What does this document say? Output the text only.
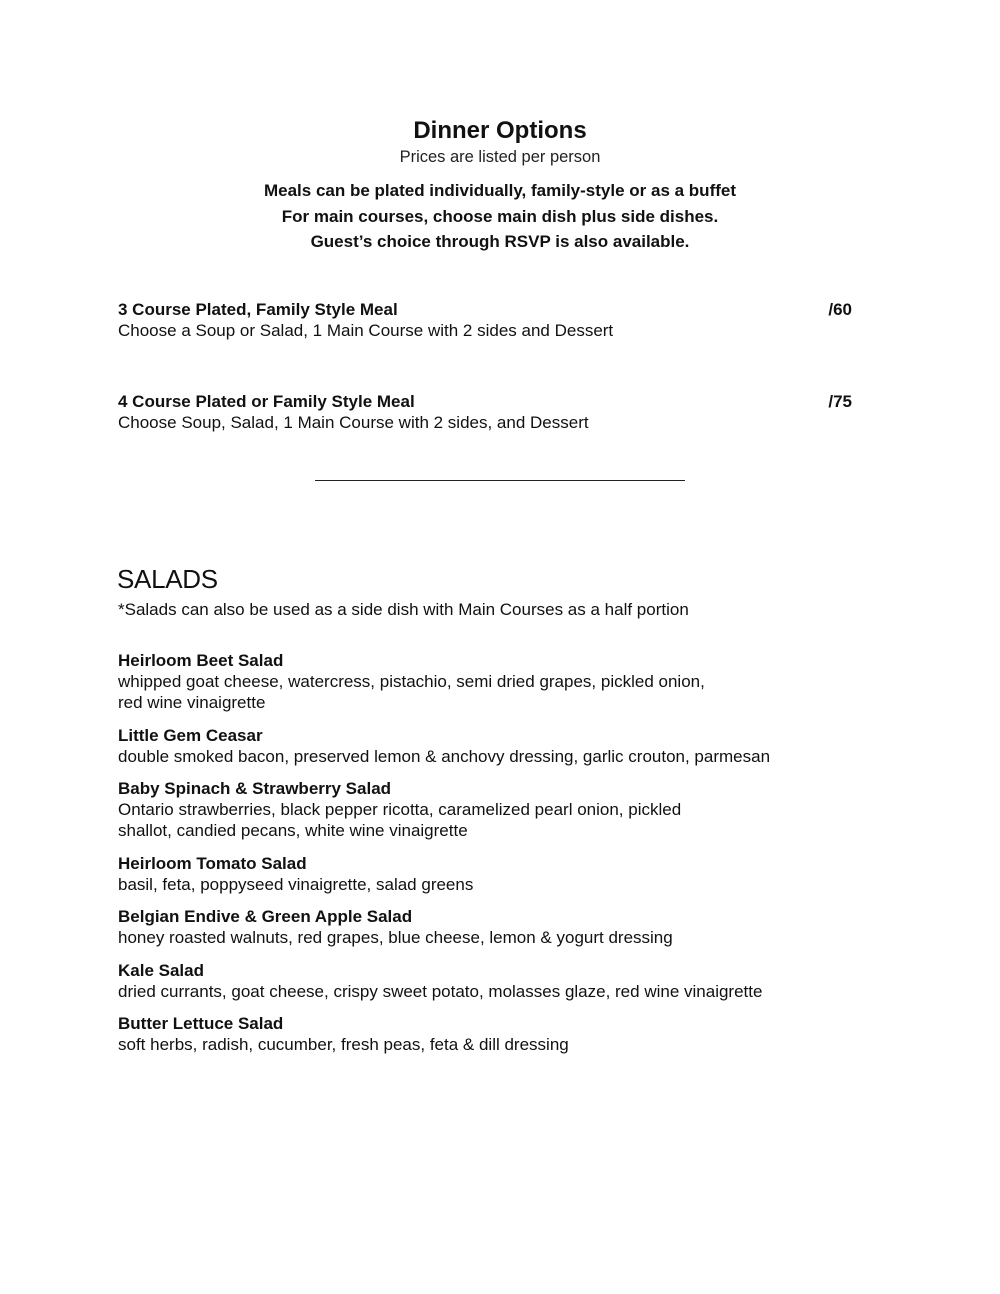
Dinner Options
Prices are listed per person
Meals can be plated individually, family-style or as a buffet
For main courses, choose main dish plus side dishes.
Guest’s choice through RSVP is also available.
3 Course Plated, Family Style Meal
Choose a Soup or Salad, 1 Main Course with 2 sides and Dessert
/60
4 Course Plated or Family Style Meal
Choose Soup, Salad, 1 Main Course with 2 sides, and Dessert
/75
SALADS
*Salads can also be used as a side dish with Main Courses as a half portion
Heirloom Beet Salad
whipped goat cheese, watercress, pistachio, semi dried grapes, pickled onion,
red wine vinaigrette
Little Gem Ceasar
double smoked bacon, preserved lemon & anchovy dressing, garlic crouton, parmesan
Baby Spinach & Strawberry Salad
Ontario strawberries, black pepper ricotta, caramelized pearl onion, pickled
shallot, candied pecans, white wine vinaigrette
Heirloom Tomato Salad
basil, feta, poppyseed vinaigrette, salad greens
Belgian Endive & Green Apple Salad
honey roasted walnuts, red grapes, blue cheese, lemon & yogurt dressing
Kale Salad
dried currants, goat cheese, crispy sweet potato, molasses glaze, red wine vinaigrette
Butter Lettuce Salad
soft herbs, radish, cucumber, fresh peas, feta & dill dressing
